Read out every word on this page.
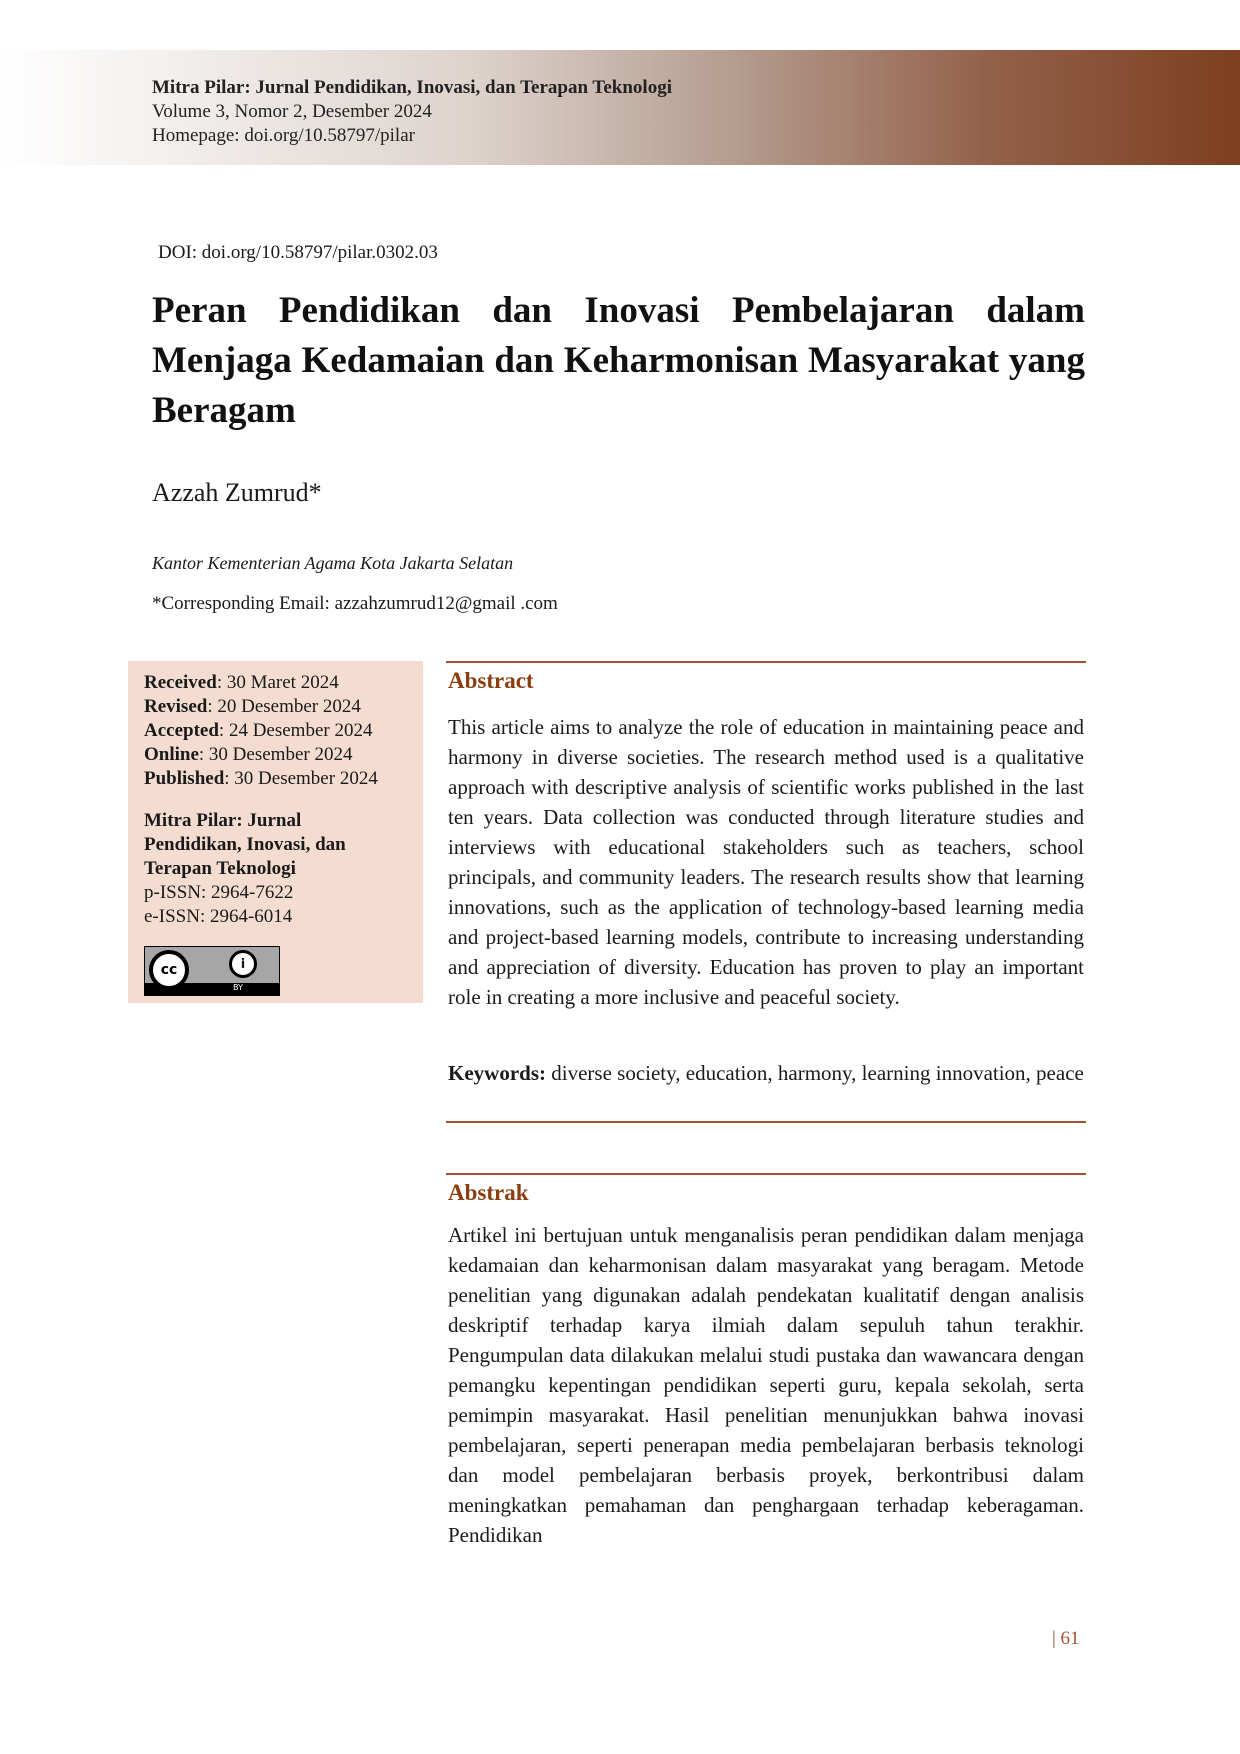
Mitra Pilar: Jurnal Pendidikan, Inovasi, dan Terapan Teknologi
Volume 3, Nomor 2, Desember 2024
Homepage: doi.org/10.58797/pilar
DOI: doi.org/10.58797/pilar.0302.03
Peran Pendidikan dan Inovasi Pembelajaran dalam Menjaga Kedamaian dan Keharmonisan Masyarakat yang Beragam
Azzah Zumrud*
Kantor Kementerian Agama Kota Jakarta Selatan
*Corresponding Email: azzahzumrud12@gmail .com
Received: 30 Maret 2024
Revised: 20 Desember 2024
Accepted: 24 Desember 2024
Online: 30 Desember 2024
Published: 30 Desember 2024
Mitra Pilar: Jurnal
Pendidikan, Inovasi, dan
Terapan Teknologi
p-ISSN: 2964-7622
e-ISSN: 2964-6014
cc	i
BY
Abstract
This article aims to analyze the role of education in maintaining peace and harmony in diverse societies. The research method used is a qualitative approach with descriptive analysis of scientific works published in the last ten years. Data collection was conducted through literature studies and interviews with educational stakeholders such as teachers, school principals, and community leaders. The research results show that learning innovations, such as the application of technology-based learning media and project-based learning models, contribute to increasing understanding and appreciation of diversity. Education has proven to play an important role in creating a more inclusive and peaceful society.
Keywords: diverse society, education, harmony, learning innovation, peace
Abstrak
Artikel ini bertujuan untuk menganalisis peran pendidikan dalam menjaga kedamaian dan keharmonisan dalam masyarakat yang beragam. Metode penelitian yang digunakan adalah pendekatan kualitatif dengan analisis deskriptif terhadap karya ilmiah dalam sepuluh tahun terakhir. Pengumpulan data dilakukan melalui studi pustaka dan wawancara dengan pemangku kepentingan pendidikan seperti guru, kepala sekolah, serta pemimpin masyarakat. Hasil penelitian menunjukkan bahwa inovasi pembelajaran, seperti penerapan media pembelajaran berbasis teknologi dan model pembelajaran berbasis proyek, berkontribusi dalam meningkatkan pemahaman dan penghargaan terhadap keberagaman. Pendidikan
| 61
